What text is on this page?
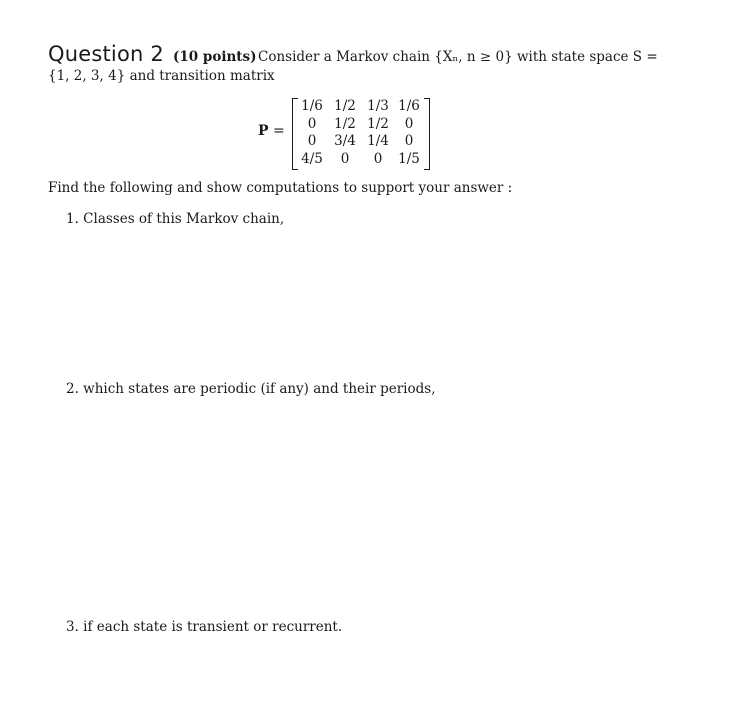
Question 2 (10 points) Consider a Markov chain {Xₙ, n ≥ 0} with state space S =
{1, 2, 3, 4} and transition matrix
P =
1/6	1/2	1/3	1/6
0	1/2	1/2	0
0	3/4	1/4	0
4/5	0	0	1/5
Find the following and show computations to support your answer :
1. Classes of this Markov chain,
2. which states are periodic (if any) and their periods,
3. if each state is transient or recurrent.
